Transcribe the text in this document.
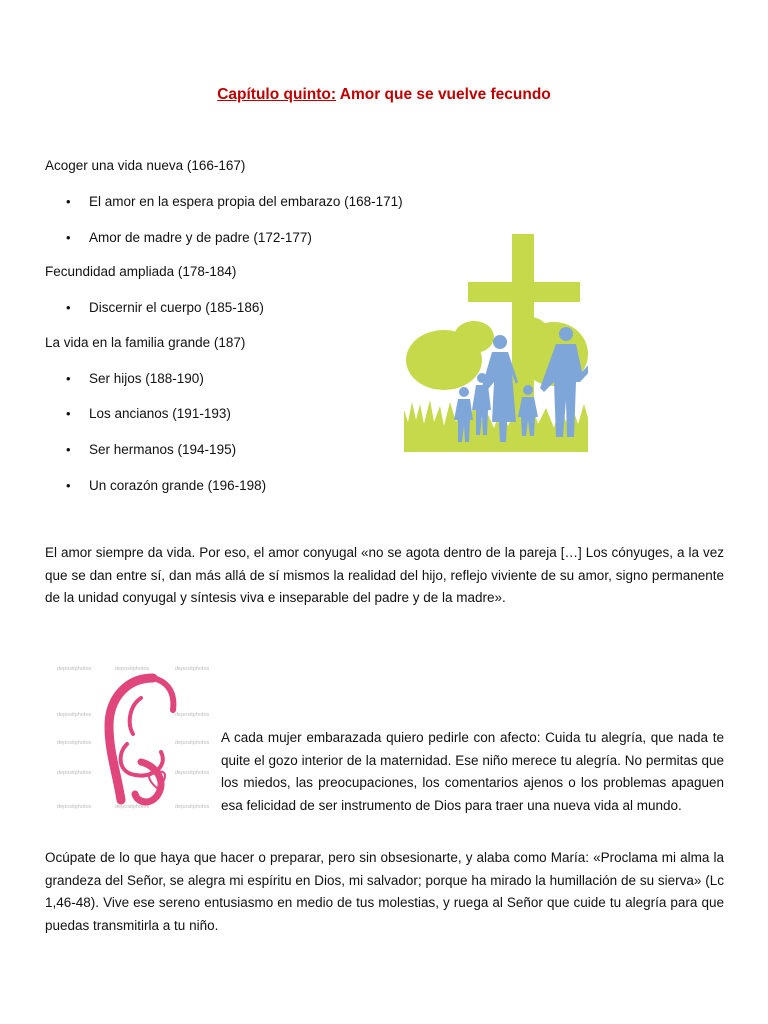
Capítulo quinto: Amor que se vuelve fecundo
Acoger una vida nueva (166-167)
• El amor en la espera propia del embarazo (168-171)
• Amor de madre y de padre (172-177)
Fecundidad ampliada (178-184)
• Discernir el cuerpo (185-186)
La vida en la familia grande (187)
• Ser hijos (188-190)
• Los ancianos (191-193)
• Ser hermanos (194-195)
• Un corazón grande (196-198)
El amor siempre da vida. Por eso, el amor conyugal «no se agota dentro de la pareja […] Los cónyuges, a la vez que se dan entre sí, dan más allá de sí mismos la realidad del hijo, reflejo viviente de su amor, signo permanente de la unidad conyugal y síntesis viva e inseparable del padre y de la madre».
depositphotos	depositphotos	depositphotos
depositphotos	depositphotos
depositphotos	depositphotos
depositphotos	depositphotos
depositphotos	depositphotos	depositphotos
A cada mujer embarazada quiero pedirle con afecto: Cuida tu alegría, que nada te quite el gozo interior de la maternidad. Ese niño merece tu alegría. No permitas que los miedos, las preocupaciones, los comentarios ajenos o los problemas apaguen esa felicidad de ser instrumento de Dios para traer una nueva vida al mundo.
Ocúpate de lo que haya que hacer o preparar, pero sin obsesionarte, y alaba como María: «Proclama mi alma la grandeza del Señor, se alegra mi espíritu en Dios, mi salvador; porque ha mirado la humillación de su sierva» (Lc 1,46-48). Vive ese sereno entusiasmo en medio de tus molestias, y ruega al Señor que cuide tu alegría para que puedas transmitirla a tu niño.
